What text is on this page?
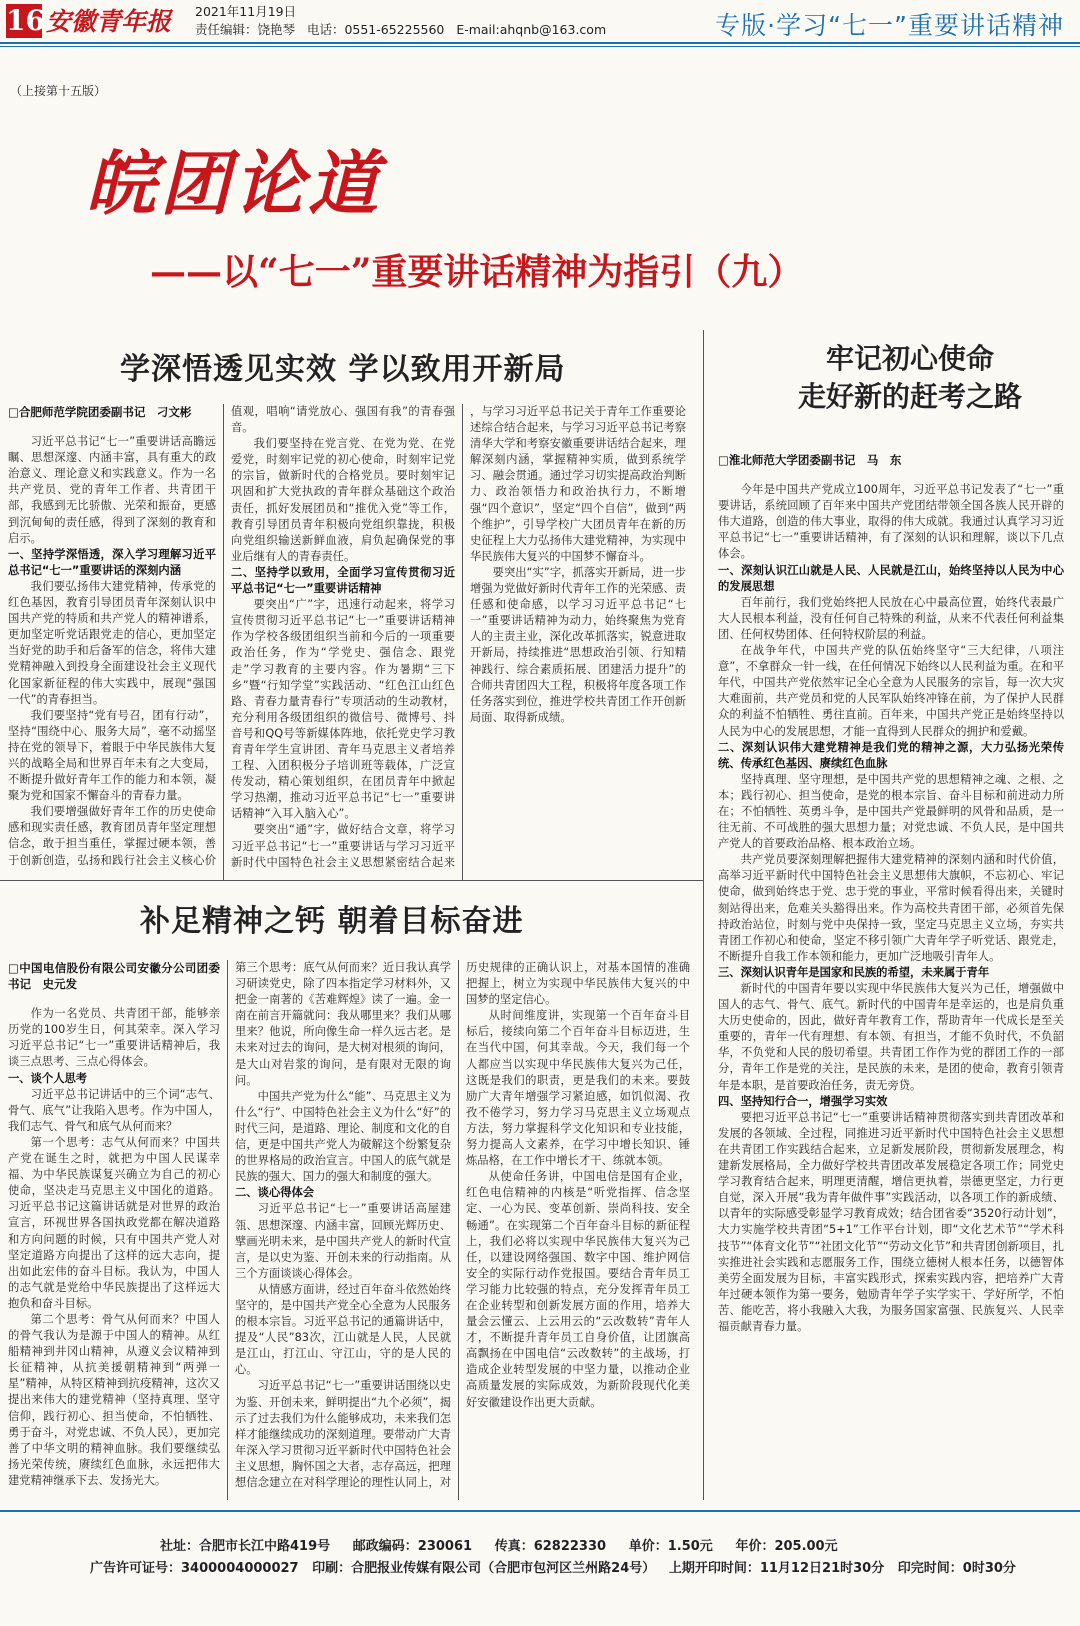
16 安徽青年报 2021年11月19日
责任编辑：饶艳琴 电话：0551-65225560 E-mail:ahqnb@163.com	专版·学习“七一”重要讲话精神
（上接第十五版）
皖团论道
——以“七一”重要讲话精神为指引（九）
学深悟透见实效 学以致用开新局

□合肥师范学院团委副书记　刁文彬

习近平总书记“七一”重要讲话高瞻远瞩、思想深邃、内涵丰富，具有重大的政治意义、理论意义和实践意义。作为一名共产党员、党的青年工作者、共青团干部，我感到无比骄傲、光荣和振奋，更感到沉甸甸的责任感，得到了深刻的教育和启示。

一、坚持学深悟透，深入学习理解习近平总书记“七一”重要讲话的深刻内涵

我们要弘扬伟大建党精神，传承党的红色基因，教育引导团员青年深刻认识中国共产党的特质和共产党人的精神谱系，更加坚定听党话跟党走的信心，更加坚定当好党的助手和后备军的信念，将伟大建党精神融入到投身全面建设社会主义现代化国家新征程的伟大实践中，展现“强国一代”的青春担当。

我们要坚持“党有号召，团有行动”，坚持“围绕中心、服务大局”，毫不动摇坚持在党的领导下，着眼于中华民族伟大复兴的战略全局和世界百年未有之大变局，不断提升做好青年工作的能力和本领，凝聚为党和国家不懈奋斗的青春力量。

我们要增强做好青年工作的历史使命感和现实责任感，教育团员青年坚定理想信念，敢于担当重任，掌握过硬本领，善于创新创造，弘扬和践行社会主义核心价

值观，唱响“请党放心、强国有我”的青春强音。

我们要坚持在党言党、在党为党、在党爱党，时刻牢记党的初心使命，时刻牢记党的宗旨，做新时代的合格党员。要时刻牢记巩固和扩大党执政的青年群众基础这个政治责任，抓好发展团员和“推优入党”等工作，教育引导团员青年积极向党组织靠拢，积极向党组织输送新鲜血液，肩负起确保党的事业后继有人的青春责任。

二、坚持学以致用，全面学习宣传贯彻习近平总书记“七一”重要讲话精神

要突出“广”字，迅速行动起来，将学习宣传贯彻习近平总书记“七一”重要讲话精神作为学校各级团组织当前和今后的一项重要政治任务，作为“学党史、强信念、跟党走”学习教育的主要内容。作为暑期“三下乡”暨“行知学堂”实践活动、“红色江山红色路、青春力量青春行”专项活动的生动教材，充分利用各级团组织的微信号、微博号、抖音号和QQ号等新媒体阵地，依托党史学习教育青年学生宣讲团、青年马克思主义者培养工程、入团积极分子培训班等载体，广泛宣传发动，精心策划组织，在团员青年中掀起学习热潮，推动习近平总书记“七一”重要讲话精神“入耳入脑入心”。

要突出“通”字，做好结合文章，将学习习近平总书记“七一”重要讲话与学习习近平新时代中国特色社会主义思想紧密结合起来

，与学习习近平总书记关于青年工作重要论述综合结合起来，与学习习近平总书记考察清华大学和考察安徽重要讲话结合起来，理解深刻内涵，掌握精神实质，做到系统学习、融会贯通。通过学习切实提高政治判断力、政治领悟力和政治执行力，不断增强“四个意识”，坚定“四个自信”，做到“两个维护”，引导学校广大团员青年在新的历史征程上大力弘扬伟大建党精神，为实现中华民族伟大复兴的中国梦不懈奋斗。

要突出“实”字，抓落实开新局，进一步增强为党做好新时代青年工作的光荣感、责任感和使命感，以学习习近平总书记“七一”重要讲话精神为动力，始终聚焦为党育人的主责主业，深化改革抓落实，锐意进取开新局，持续推进“思想政治引领、行知精神践行、综合素质拓展、团建活力提升”的合师共青团四大工程，积极将年度各项工作任务落实到位，推进学校共青团工作开创新局面、取得新成绩。

牢记初心使命
走好新的赶考之路

□淮北师范大学团委副书记　马　东

今年是中国共产党成立100周年，习近平总书记发表了“七一”重要讲话，系统回顾了百年来中国共产党团结带领全国各族人民开辟的伟大道路，创造的伟大事业，取得的伟大成就。我通过认真学习习近平总书记“七一”重要讲话精神，有了深刻的认识和理解，谈以下几点体会。

一、深刻认识江山就是人民、人民就是江山，始终坚持以人民为中心的发展思想

百年前行，我们党始终把人民放在心中最高位置，始终代表最广大人民根本利益，没有任何自己特殊的利益，从来不代表任何利益集团、任何权势团体、任何特权阶层的利益。

在战争年代，中国共产党的队伍始终坚守“三大纪律，八项注意”，不拿群众一针一线，在任何情况下始终以人民利益为重。在和平年代，中国共产党依然牢记全心全意为人民服务的宗旨，每一次大灾大难面前，共产党员和党的人民军队始终冲锋在前，为了保护人民群众的利益不怕牺牲、勇往直前。百年来，中国共产党正是始终坚持以人民为中心的发展思想，才能一直得到人民群众的拥护和爱戴。

二、深刻认识伟大建党精神是我们党的精神之源，大力弘扬光荣传统、传承红色基因、赓续红色血脉

坚持真理、坚守理想，是中国共产党的思想精神之魂、之根、之本；践行初心、担当使命，是党的根本宗旨、奋斗目标和前进动力所在；不怕牺牲、英勇斗争，是中国共产党最鲜明的风骨和品质，是一往无前、不可战胜的强大思想力量；对党忠诚、不负人民，是中国共产党人的首要政治品格、根本政治立场。

共产党员要深刻理解把握伟大建党精神的深刻内涵和时代价值，高举习近平新时代中国特色社会主义思想伟大旗帜，不忘初心、牢记使命，做到始终忠于党、忠于党的事业，平常时候看得出来，关键时刻站得出来，危难关头豁得出来。作为高校共青团干部，必须首先保持政治站位，时刻与党中央保持一致，坚定马克思主义立场，夯实共青团工作初心和使命，坚定不移引领广大青年学子听党话、跟党走，不断提升自我工作本领和能力，更加广泛地吸引青年人。

三、深刻认识青年是国家和民族的希望，未来属于青年

新时代的中国青年要以实现中华民族伟大复兴为己任，增强做中国人的志气、骨气、底气。新时代的中国青年是幸运的，也是肩负重大历史使命的，因此，做好青年教育工作，帮助青年一代成长是至关重要的，青年一代有理想、有本领、有担当，才能不负时代，不负韶华，不负党和人民的殷切希望。共青团工作作为党的群团工作的一部分，青年工作是党的关注，是民族的未来，是团的使命，教育引领青年是本职，是首要政治任务，责无旁贷。

四、坚持知行合一，增强学习实效

要把习近平总书记“七一”重要讲话精神贯彻落实到共青团改革和发展的各领域、全过程，同推进习近平新时代中国特色社会主义思想在共青团工作实践结合起来，立足新发展阶段，贯彻新发展理念，构建新发展格局，全力做好学校共青团改革发展稳定各项工作；同党史学习教育结合起来，明理更清醒，增信更执着，崇德更坚定，力行更自觉，深入开展“我为青年做件事”实践活动，以各项工作的新成绩、以青年的实际感受彰显学习教育成效；结合团省委“3520行动计划”，大力实施学校共青团“5+1”工作平台计划，即“文化艺术节”“学术科技节”“体育文化节”“社团文化节”“劳动文化节”和共青团创新项目，扎实推进社会实践和志愿服务工作，围绕立德树人根本任务，以德智体美劳全面发展为目标，丰富实践形式，探索实践内容，把培养广大青年过硬本领作为第一要务，勉励青年学子实学实干、学好所学，不怕苦、能吃苦，将小我融入大我，为服务国家富强、民族复兴、人民幸福贡献青春力量。

补足精神之钙 朝着目标奋进

□中国电信股份有限公司安徽分公司团委书记　史元发

作为一名党员、共青团干部，能够亲历党的100岁生日，何其荣幸。深入学习习近平总书记“七一”重要讲话精神后，我谈三点思考、三点心得体会。

一、谈个人思考

习近平总书记讲话中的三个词“志气、骨气、底气”让我陷入思考。作为中国人，我们志气、骨气和底气从何而来？

第一个思考：志气从何而来？中国共产党在诞生之时，就把为中国人民谋幸福、为中华民族谋复兴确立为自己的初心使命，坚决走马克思主义中国化的道路。习近平总书记这篇讲话就是对世界的政治宣言，环视世界各国执政党都在解决道路和方向问题的时候，只有中国共产党人对坚定道路方向提出了这样的远大志向，提出如此宏伟的奋斗目标。我认为，中国人的志气就是党给中华民族提出了这样远大抱负和奋斗目标。

第二个思考：骨气从何而来？中国人的骨气我认为是源于中国人的精神。从红船精神到井冈山精神，从遵义会议精神到长征精神，从抗美援朝精神到“两弹一星”精神，从特区精神到抗疫精神，这次又提出来伟大的建党精神（坚持真理、坚守信仰，践行初心、担当使命，不怕牺牲、勇于奋斗，对党忠诚、不负人民），更加完善了中华文明的精神血脉。我们要继续弘扬光荣传统，赓续红色血脉，永远把伟大建党精神继承下去、发扬光大。

第三个思考：底气从何而来？近日我认真学习研读党史，除了四本指定学习材料外，又把金一南著的《苦难辉煌》读了一遍。金一南在前言开篇就问：我从哪里来？我们从哪里来？他说，所向像生命一样久远古老。是未来对过去的询问，是大树对根须的询问，是大山对岩浆的询问，是有限对无限的询问。

中国共产党为什么“能”、马克思主义为什么“行”、中国特色社会主义为什么“好”的时代三问，是道路、理论、制度和文化的自信，更是中国共产党人为破解这个纷繁复杂的世界格局的政治宣言。中国人的底气就是民族的强大、国力的强大和制度的强大。

二、谈心得体会

习近平总书记“七一”重要讲话高屋建瓴、思想深邃、内涵丰富，回顾光辉历史、擘画光明未来，是中国共产党人的新时代宣言，是以史为鉴、开创未来的行动指南。从三个方面谈谈心得体会。

从情感方面讲，经过百年奋斗依然始终坚守的，是中国共产党全心全意为人民服务的根本宗旨。习近平总书记的通篇讲话中，提及“人民”83次，江山就是人民，人民就是江山，打江山、守江山，守的是人民的心。

习近平总书记“七一”重要讲话围绕以史为鉴、开创未来，鲜明提出“九个必须”，揭示了过去我们为什么能够成功，未来我们怎样才能继续成功的深刻道理。要带动广大青年深入学习贯彻习近平新时代中国特色社会主义思想，胸怀国之大者，志存高远，把理想信念建立在对科学理论的理性认同上，对

历史规律的正确认识上，对基本国情的准确把握上，树立为实现中华民族伟大复兴的中国梦的坚定信心。

从时间维度讲，实现第一个百年奋斗目标后，接续向第二个百年奋斗目标迈进，生在当代中国，何其幸哉。今天，我们每一个人都应当以实现中华民族伟大复兴为己任，这既是我们的职责，更是我们的未来。要鼓励广大青年增强学习紧迫感，如饥似渴、孜孜不倦学习，努力学习马克思主义立场观点方法，努力掌握科学文化知识和专业技能，努力提高人文素养，在学习中增长知识、锤炼品格，在工作中增长才干、练就本领。

从使命任务讲，中国电信是国有企业，红色电信精神的内核是“听党指挥、信念坚定、一心为民、变革创新、崇尚科技、安全畅通”。在实现第二个百年奋斗目标的新征程上，我们必将以实现中华民族伟大复兴为己任，以建设网络强国、数字中国、维护网信安全的实际行动作党报国。要结合青年员工学习能力比较强的特点，充分发挥青年员工在企业转型和创新发展方面的作用，培养大量会云懂云、上云用云的“云改数转”青年人才，不断提升青年员工自身价值，让团旗高高飘扬在中国电信“云改数转”的主战场，打造成企业转型发展的中坚力量，以推动企业高质量发展的实际成效，为新阶段现代化美好安徽建设作出更大贡献。

社址：合肥市长江中路419号 邮政编码：230061 传真：62822330 单价：1.50元 年价：205.00元
广告许可证号：3400004000027 印刷：合肥报业传媒有限公司（合肥市包河区兰州路24号） 上期开印时间：11月12日21时30分 印完时间：0时30分
